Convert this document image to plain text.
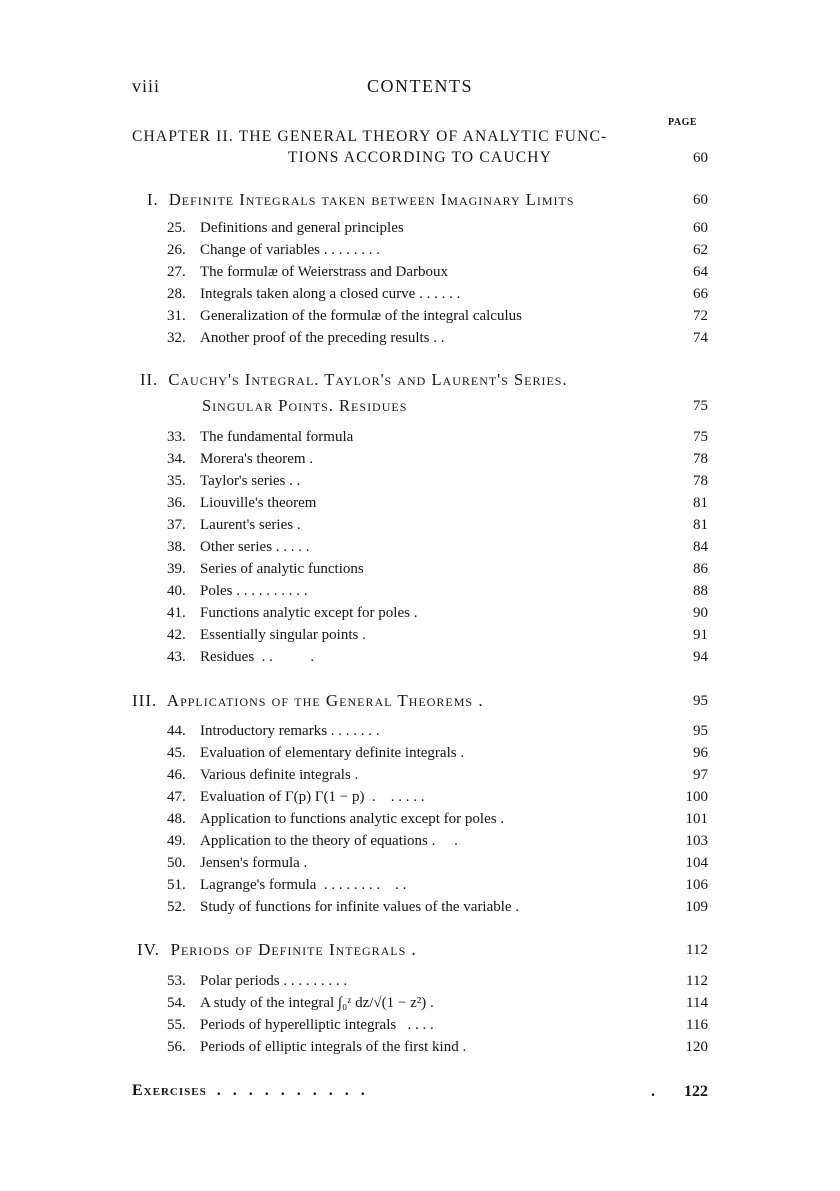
viii	CONTENTS
PAGE
CHAPTER II. THE GENERAL THEORY OF ANALYTIC FUNC-
TIONS ACCORDING TO CAUCHY	60
I. Definite Integrals taken between Imaginary Limits	60
25. Definitions and general principles	60
26. Change of variables . . . . . . . .	62
27. The formulæ of Weierstrass and Darboux	64
28. Integrals taken along a closed curve . . . . . .	66
31. Generalization of the formulæ of the integral calculus	72
32. Another proof of the preceding results . .	74
II. Cauchy's Integral. Taylor's and Laurent's Series.
Singular Points. Residues	75
33. The fundamental formula	75
34. Morera's theorem .	78
35. Taylor's series . .	78
36. Liouville's theorem	81
37. Laurent's series .	81
38. Other series . . . . .	84
39. Series of analytic functions	86
40. Poles . . . . . . . . . .	88
41. Functions analytic except for poles .	90
42. Essentially singular points .	91
43. Residues  . .          .	94
III. Applications of the General Theorems .	95
44. Introductory remarks . . . . . . .	95
45. Evaluation of elementary definite integrals .	96
46. Various definite integrals .	97
47. Evaluation of Γ(p) Γ(1 − p)  .    . . . . .	100
48. Application to functions analytic except for poles .	101
49. Application to the theory of equations .     .	103
50. Jensen's formula .	104
51. Lagrange's formula  . . . . . . . .    . .	106
52. Study of functions for infinite values of the variable .	109
IV. Periods of Definite Integrals .	112
53. Polar periods . . . . . . . . .	112
54. A study of the integral ∫₀ᶻ dz/√(1 − z²) .	114
55. Periods of hyperelliptic integrals   . . . .	116
56. Periods of elliptic integrals of the first kind .	120
Exercises . . . . . . . . . .	.	122
